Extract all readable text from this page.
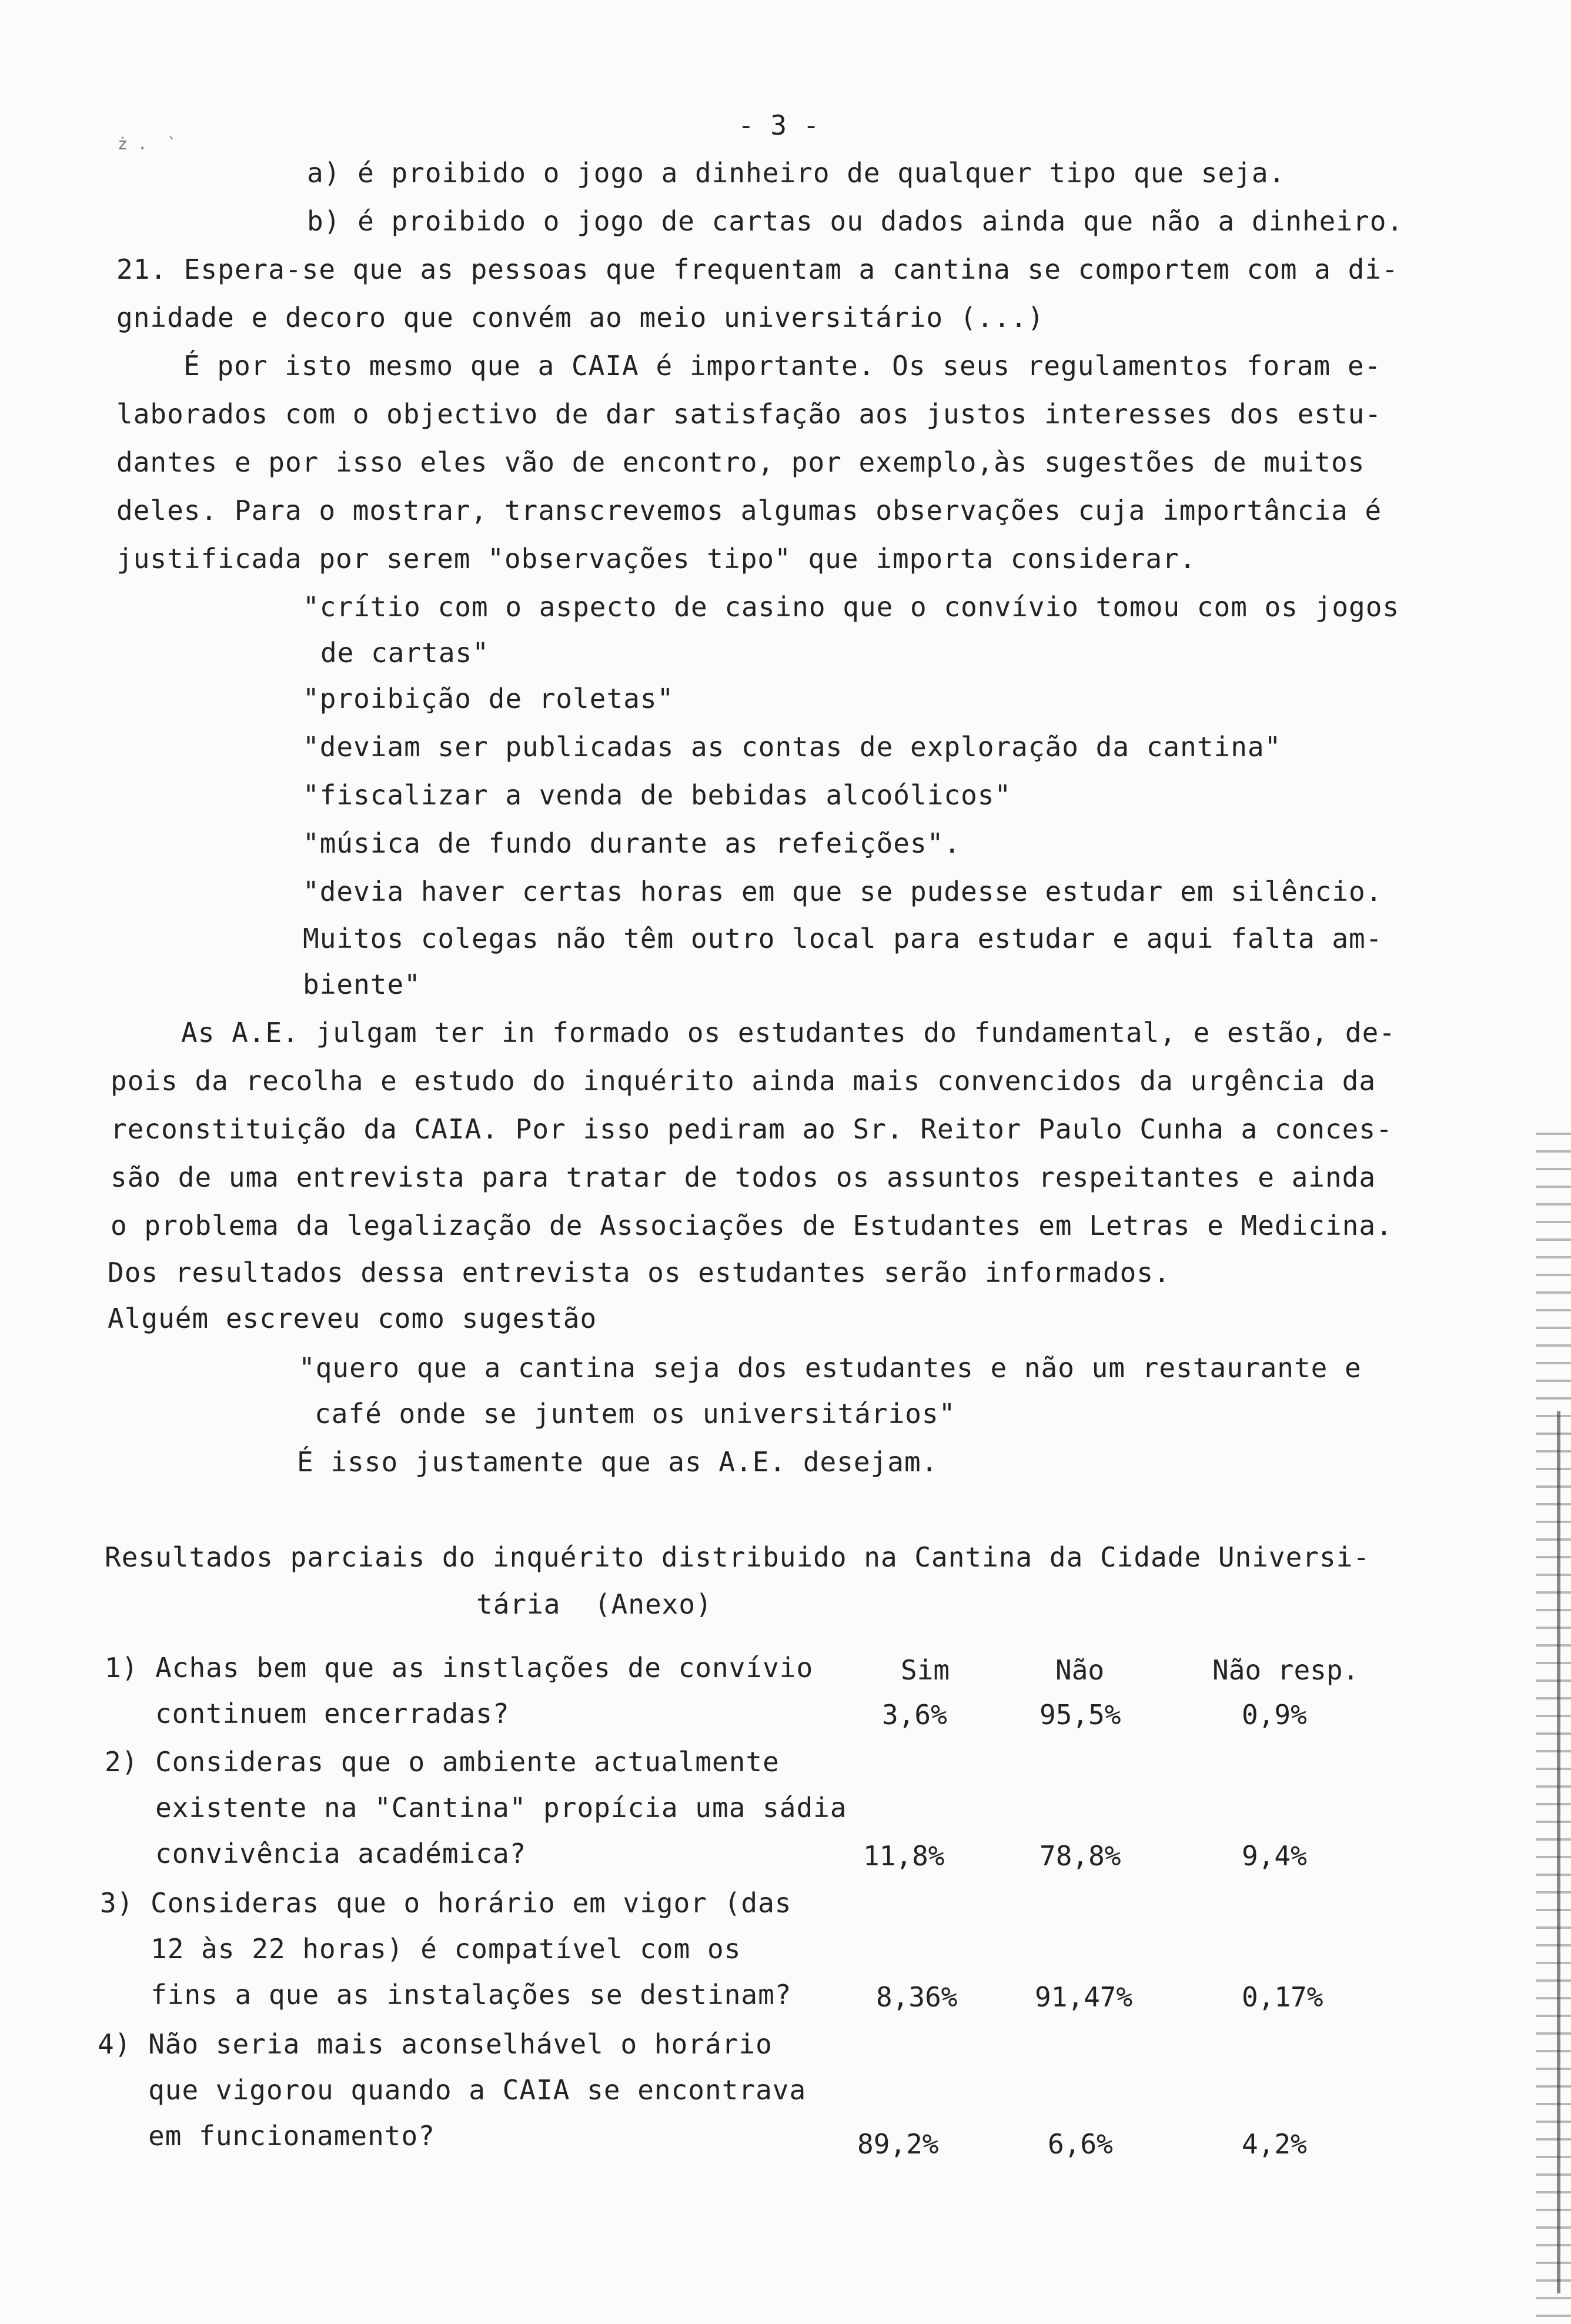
ż .  `
- 3 -
a) é proibido o jogo a dinheiro de qualquer tipo que seja.
b) é proibido o jogo de cartas ou dados ainda que não a dinheiro.
21. Espera-se que as pessoas que frequentam a cantina se comportem com a di-
gnidade e decoro que convém ao meio universitário (...)
É por isto mesmo que a CAIA é importante. Os seus regulamentos foram e-
laborados com o objectivo de dar satisfação aos justos interesses dos estu-
dantes e por isso eles vão de encontro, por exemplo,às sugestões de muitos
deles. Para o mostrar, transcrevemos algumas observações cuja importância é
justificada por serem "observações tipo" que importa considerar.
"crítio com o aspecto de casino que o convívio tomou com os jogos
de cartas"
"proibição de roletas"
"deviam ser publicadas as contas de exploração da cantina"
"fiscalizar a venda de bebidas alcoólicos"
"música de fundo durante as refeições".
"devia haver certas horas em que se pudesse estudar em silêncio.
Muitos colegas não têm outro local para estudar e aqui falta am-
biente"
As A.E. julgam ter in formado os estudantes do fundamental, e estão, de-
pois da recolha e estudo do inquérito ainda mais convencidos da urgência da
reconstituição da CAIA. Por isso pediram ao Sr. Reitor Paulo Cunha a conces-
são de uma entrevista para tratar de todos os assuntos respeitantes e ainda
o problema da legalização de Associações de Estudantes em Letras e Medicina.
Dos resultados dessa entrevista os estudantes serão informados.
Alguém escreveu como sugestão
"quero que a cantina seja dos estudantes e não um restaurante e
café onde se juntem os universitários"
É isso justamente que as A.E. desejam.
Resultados parciais do inquérito distribuido na Cantina da Cidade Universi-
tária  (Anexo)
Sim	Não	Não resp.
1) Achas bem que as instlações de convívio
continuem encerradas?	3,6%	95,5%	0,9%
2) Consideras que o ambiente actualmente
existente na "Cantina" propícia uma sádia
convivência académica?	11,8%	78,8%	9,4%
3) Consideras que o horário em vigor (das
12 às 22 horas) é compatível com os
fins a que as instalações se destinam?	8,36%	91,47%	0,17%
4) Não seria mais aconselhável o horário
que vigorou quando a CAIA se encontrava
em funcionamento?	89,2%	6,6%	4,2%
